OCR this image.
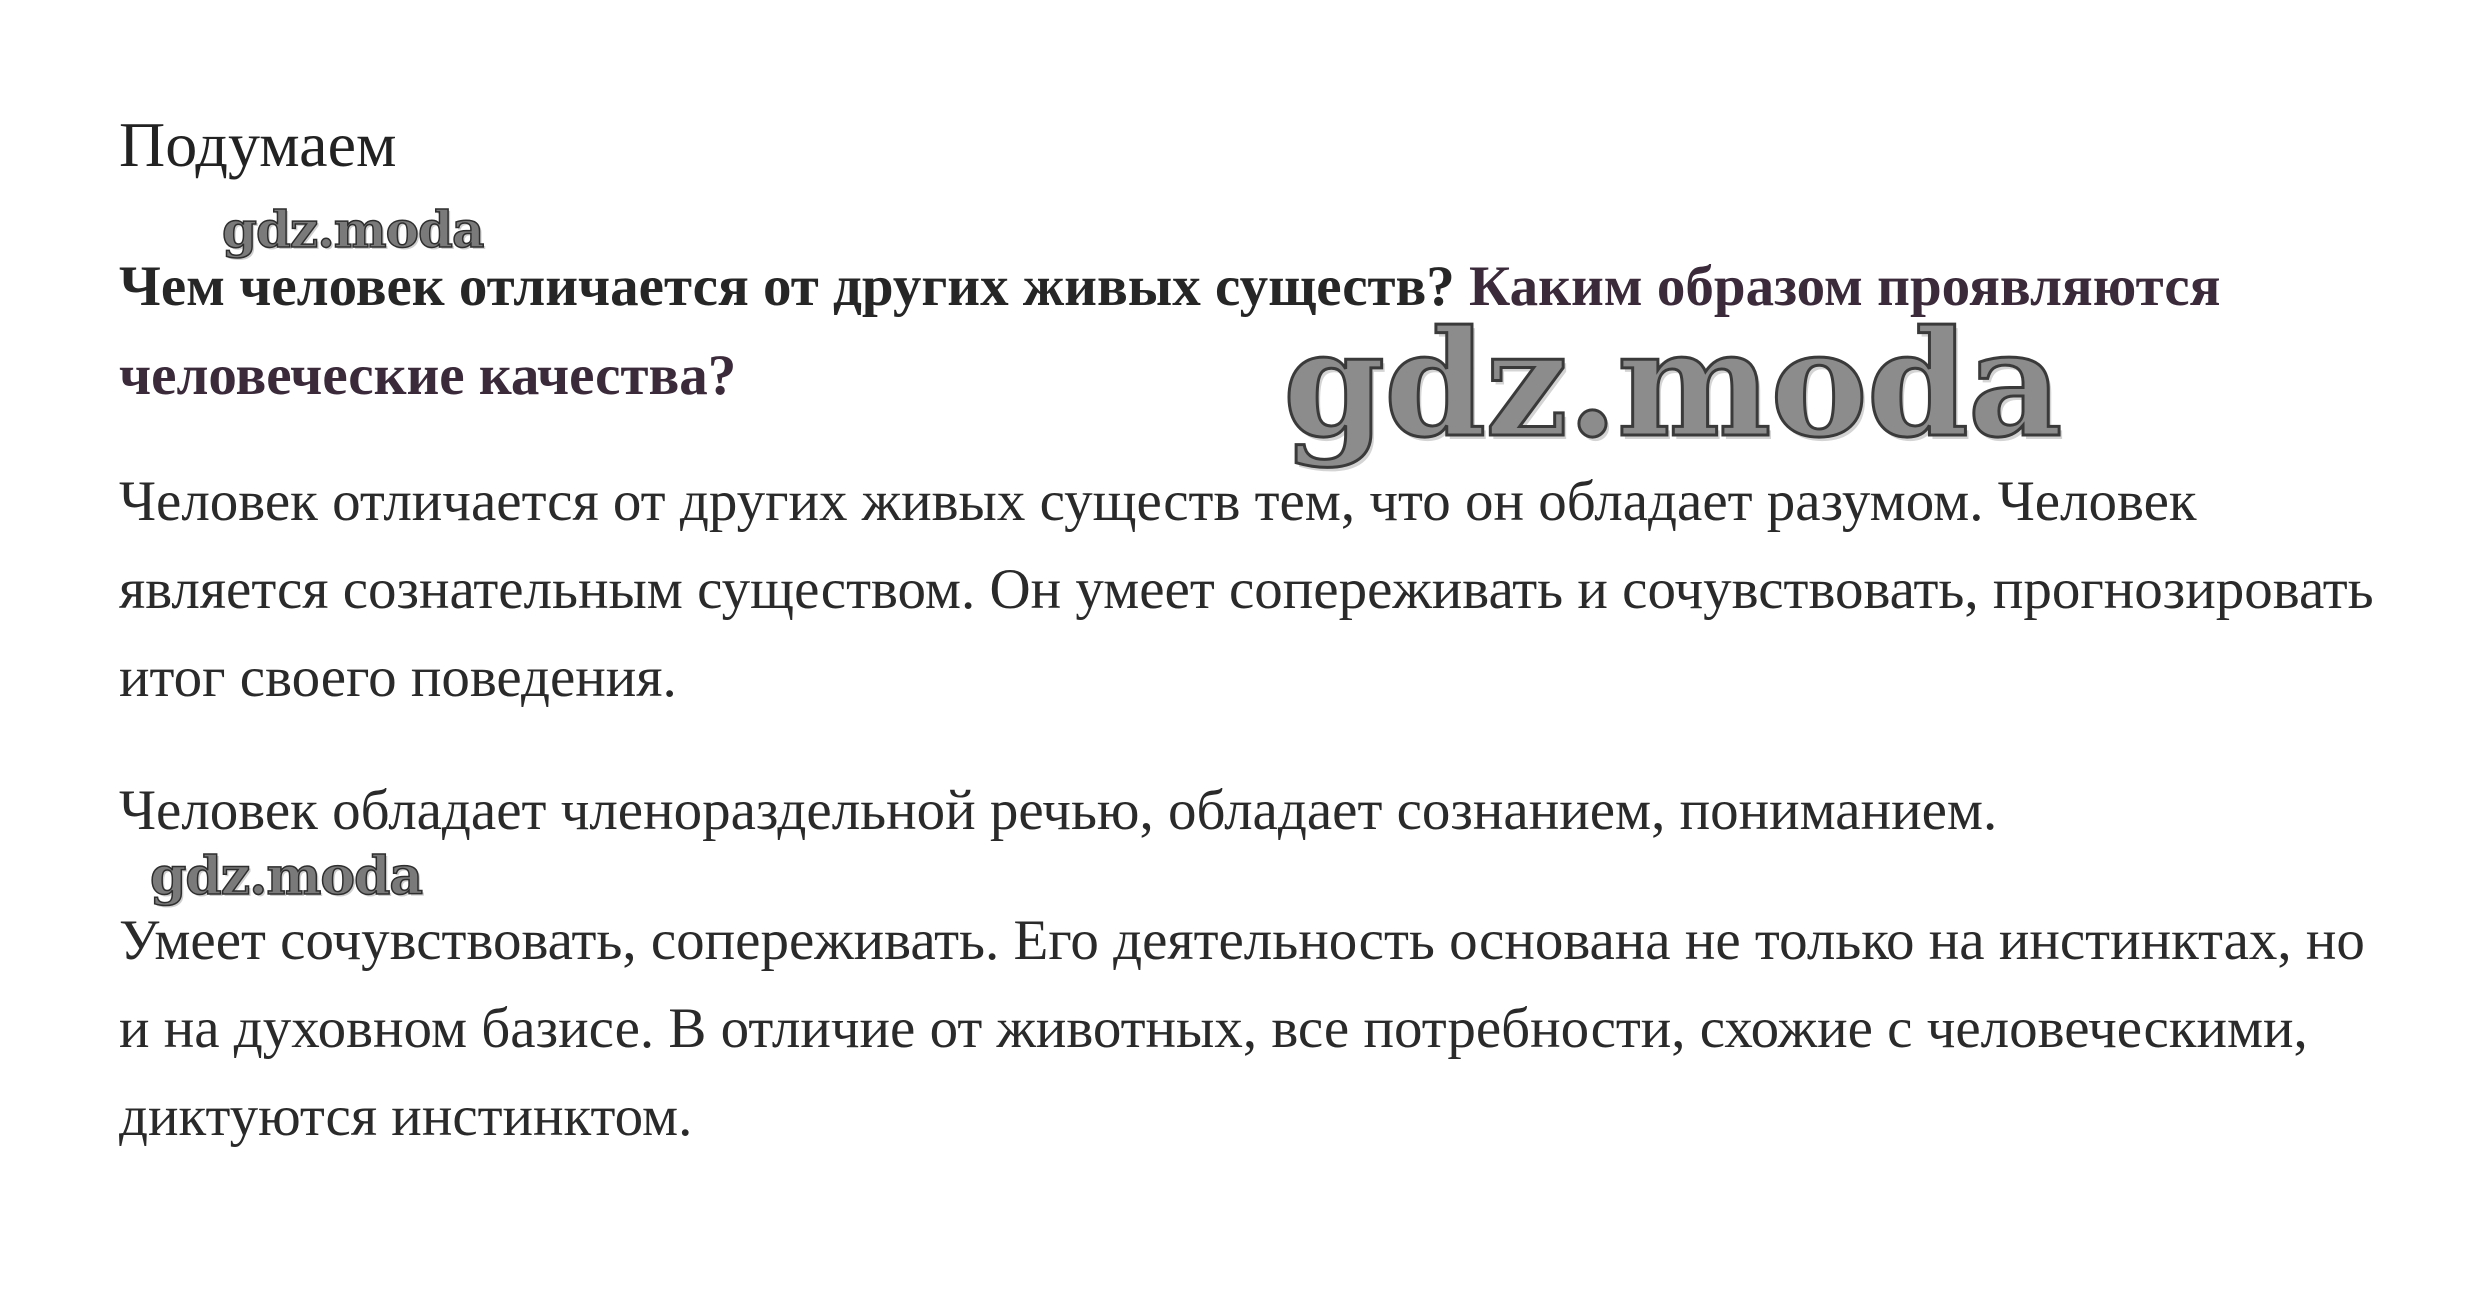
Подумаем

Чем человек отличается от других живых существ? Каким образом проявляются человеческие качества?

Человек отличается от других живых существ тем, что он обладает разумом. Человек является сознательным существом. Он умеет сопереживать и сочувствовать, прогнозировать итог своего поведения.

Человек обладает членораздельной речью, обладает сознанием, пониманием.

Умеет сочувствовать, сопереживать. Его деятельность основана не только на инстинктах, но и на духовном базисе. В отличие от животных, все потребности, схожие с человеческими, диктуются инстинктом.

gdz.moda
gdz.moda
gdz.moda
